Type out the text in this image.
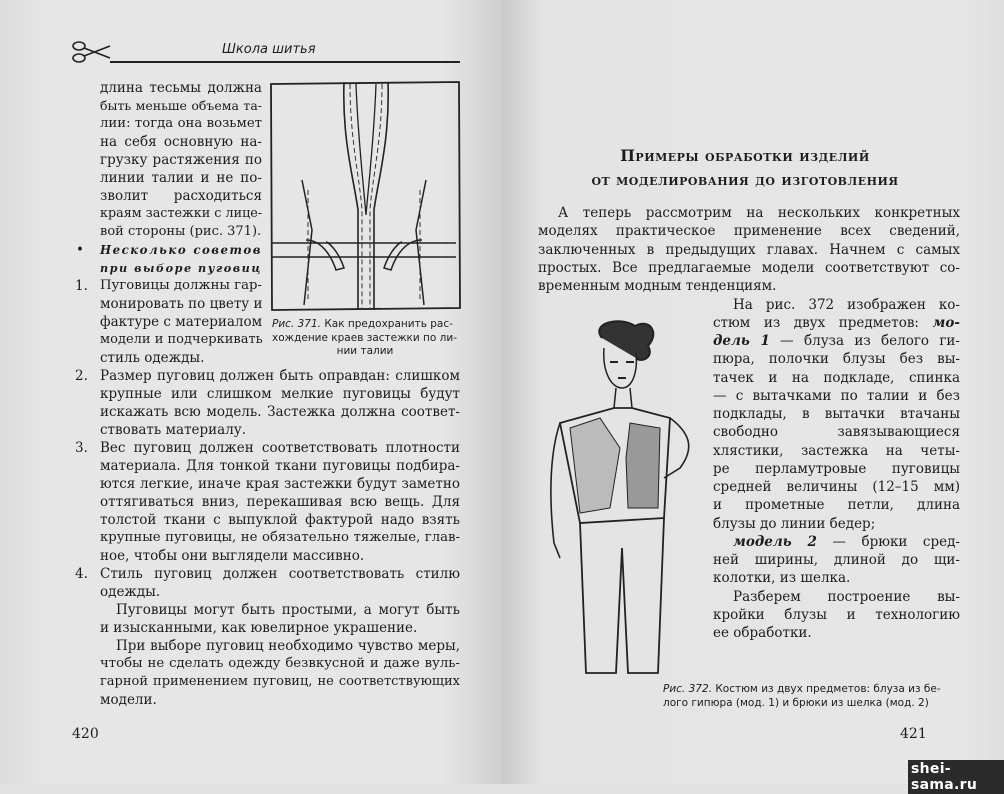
Школа шитья
Рис. 371. Как предохранить рас-
хождение краев застежки по ли-
нии талии
420
длина тесьмы должна
быть меньше объема та-
лии: тогда она возьмет
на себя основную на-
грузку растяжения по
линии талии и не по-
зволит расходиться
краям застежки с лице-
вой стороны (рис. 371).
• Несколько советов
при выборе пуговиц
1. Пуговицы должны гар-
монировать по цвету и
фактуре с материалом
модели и подчеркивать
стиль одежды.
2. Размер пуговиц должен быть оправдан: слишком
крупные или слишком мелкие пуговицы будут
искажать всю модель. Застежка должна соответ-
ствовать материалу.
3. Вес пуговиц должен соответствовать плотности
материала. Для тонкой ткани пуговицы подбира-
ются легкие, иначе края застежки будут заметно
оттягиваться вниз, перекашивая всю вещь. Для
толстой ткани с выпуклой фактурой надо взять
крупные пуговицы, не обязательно тяжелые, глав-
ное, чтобы они выглядели массивно.
4. Стиль пуговиц должен соответствовать стилю
одежды.
Пуговицы могут быть простыми, а могут быть
и изысканными, как ювелирное украшение.
При выборе пуговиц необходимо чувство меры,
чтобы не сделать одежду безвкусной и даже вуль-
гарной применением пуговиц, не соответствующих
модели.
Примеры обработки изделий
от моделирования до изготовления
Рис. 372. Костюм из двух предметов: блуза из бе-
лого гипюра (мод. 1) и брюки из шелка (мод. 2)
421
shei-sama.ru
А теперь рассмотрим на нескольких конкретных
моделях практическое применение всех сведений,
заключенных в предыдущих главах. Начнем с самых
простых. Все предлагаемые модели соответствуют со-
временным модным тенденциям.
На рис. 372 изображен ко-
стюм из двух предметов: мо-
дель 1 — блуза из белого ги-
пюра, полочки блузы без вы-
тачек и на подкладе, спинка
— с вытачками по талии и без
подклады, в вытачки втачаны
свободно завязывающиеся
хлястики, застежка на четы-
ре перламутровые пуговицы
средней величины (12–15 мм)
и прометные петли, длина
блузы до линии бедер;
модель 2 — брюки сред-
ней ширины, длиной до щи-
колотки, из шелка.
Разберем построение вы-
кройки блузы и технологию
ее обработки.
